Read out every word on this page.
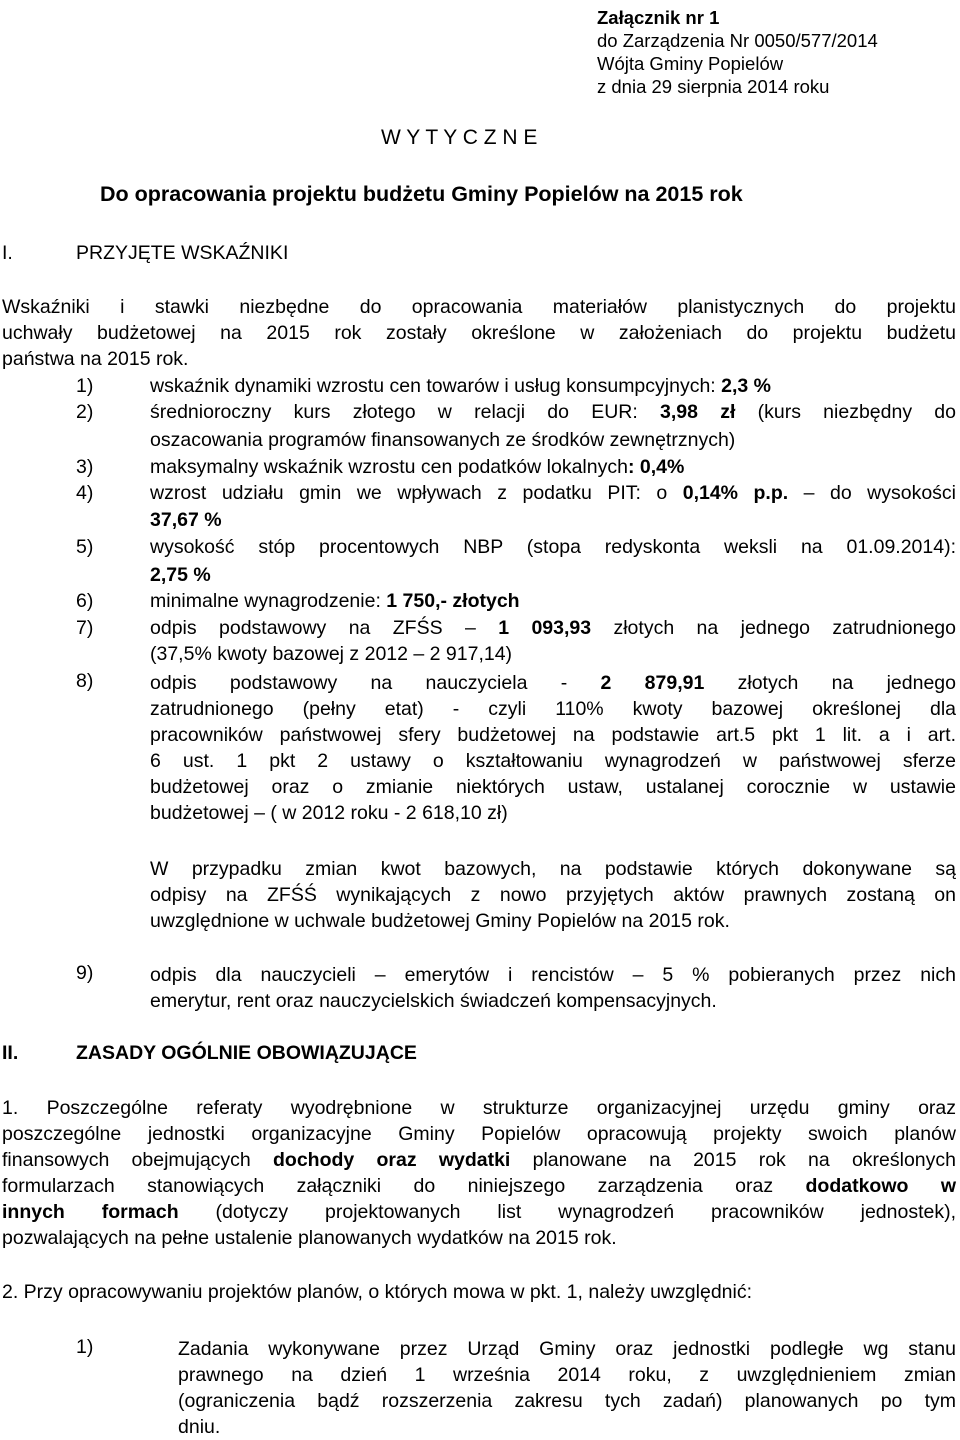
Załącznik nr 1
do Zarządzenia Nr 0050/577/2014
Wójta Gminy Popielów
z dnia 29 sierpnia 2014 roku
W Y T Y C Z N E
Do opracowania projektu budżetu Gminy Popielów na 2015 rok
I.	PRZYJĘTE WSKAŹNIKI
Wskaźniki i stawki niezbędne do opracowania materiałów planistycznych do projektu
uchwały budżetowej na 2015 rok zostały określone w założeniach do projektu budżetu
państwa na 2015 rok.
1)	wskaźnik dynamiki wzrostu cen towarów i usług konsumpcyjnych: 2,3 %
2)	średnioroczny kurs złotego w relacji do EUR: 3,98 zł (kurs niezbędny do
oszacowania programów finansowanych ze środków zewnętrznych)
3)	maksymalny wskaźnik wzrostu cen podatków lokalnych: 0,4%
4)	wzrost udziału gmin we wpływach z podatku PIT: o 0,14% p.p. – do wysokości
37,67 %
5)	wysokość stóp procentowych NBP (stopa redyskonta weksli na 01.09.2014):
2,75 %
6)	minimalne wynagrodzenie: 1 750,- złotych
7)	odpis podstawowy na ZFŚS – 1 093,93 złotych na jednego zatrudnionego
(37,5% kwoty bazowej z 2012 – 2 917,14)
8)	odpis podstawowy na nauczyciela - 2 879,91 złotych na jednego
zatrudnionego (pełny etat) - czyli 110% kwoty bazowej określonej dla
pracowników państwowej sfery budżetowej na podstawie art.5 pkt 1 lit. a i art.
6 ust. 1 pkt 2 ustawy o kształtowaniu wynagrodzeń w państwowej sferze
budżetowej oraz o zmianie niektórych ustaw, ustalanej corocznie w ustawie
budżetowej – ( w 2012 roku - 2 618,10 zł)
W przypadku zmian kwot bazowych, na podstawie których dokonywane są
odpisy na ZFŚŚ wynikających z nowo przyjętych aktów prawnych zostaną on
uwzględnione w uchwale budżetowej Gminy Popielów na 2015 rok.
9)	odpis dla nauczycieli – emerytów i rencistów – 5 % pobieranych przez nich
emerytur, rent oraz nauczycielskich świadczeń kompensacyjnych.
II.	ZASADY OGÓLNIE OBOWIĄZUJĄCE
1. Poszczególne referaty wyodrębnione w strukturze organizacyjnej urzędu gminy oraz
poszczególne jednostki organizacyjne Gminy Popielów opracowują projekty swoich planów
finansowych obejmujących dochody oraz wydatki planowane na 2015 rok na określonych
formularzach stanowiących załączniki do niniejszego zarządzenia oraz dodatkowo w
innych formach (dotyczy projektowanych list wynagrodzeń pracowników jednostek),
pozwalających na pełne ustalenie planowanych wydatków na 2015 rok.
2. Przy opracowywaniu projektów planów, o których mowa w pkt. 1, należy uwzględnić:
1)	Zadania wykonywane przez Urząd Gminy oraz jednostki podległe wg stanu
prawnego na dzień 1 września 2014 roku, z uwzględnieniem zmian
(ograniczenia bądź rozszerzenia zakresu tych zadań) planowanych po tym
dniu.
